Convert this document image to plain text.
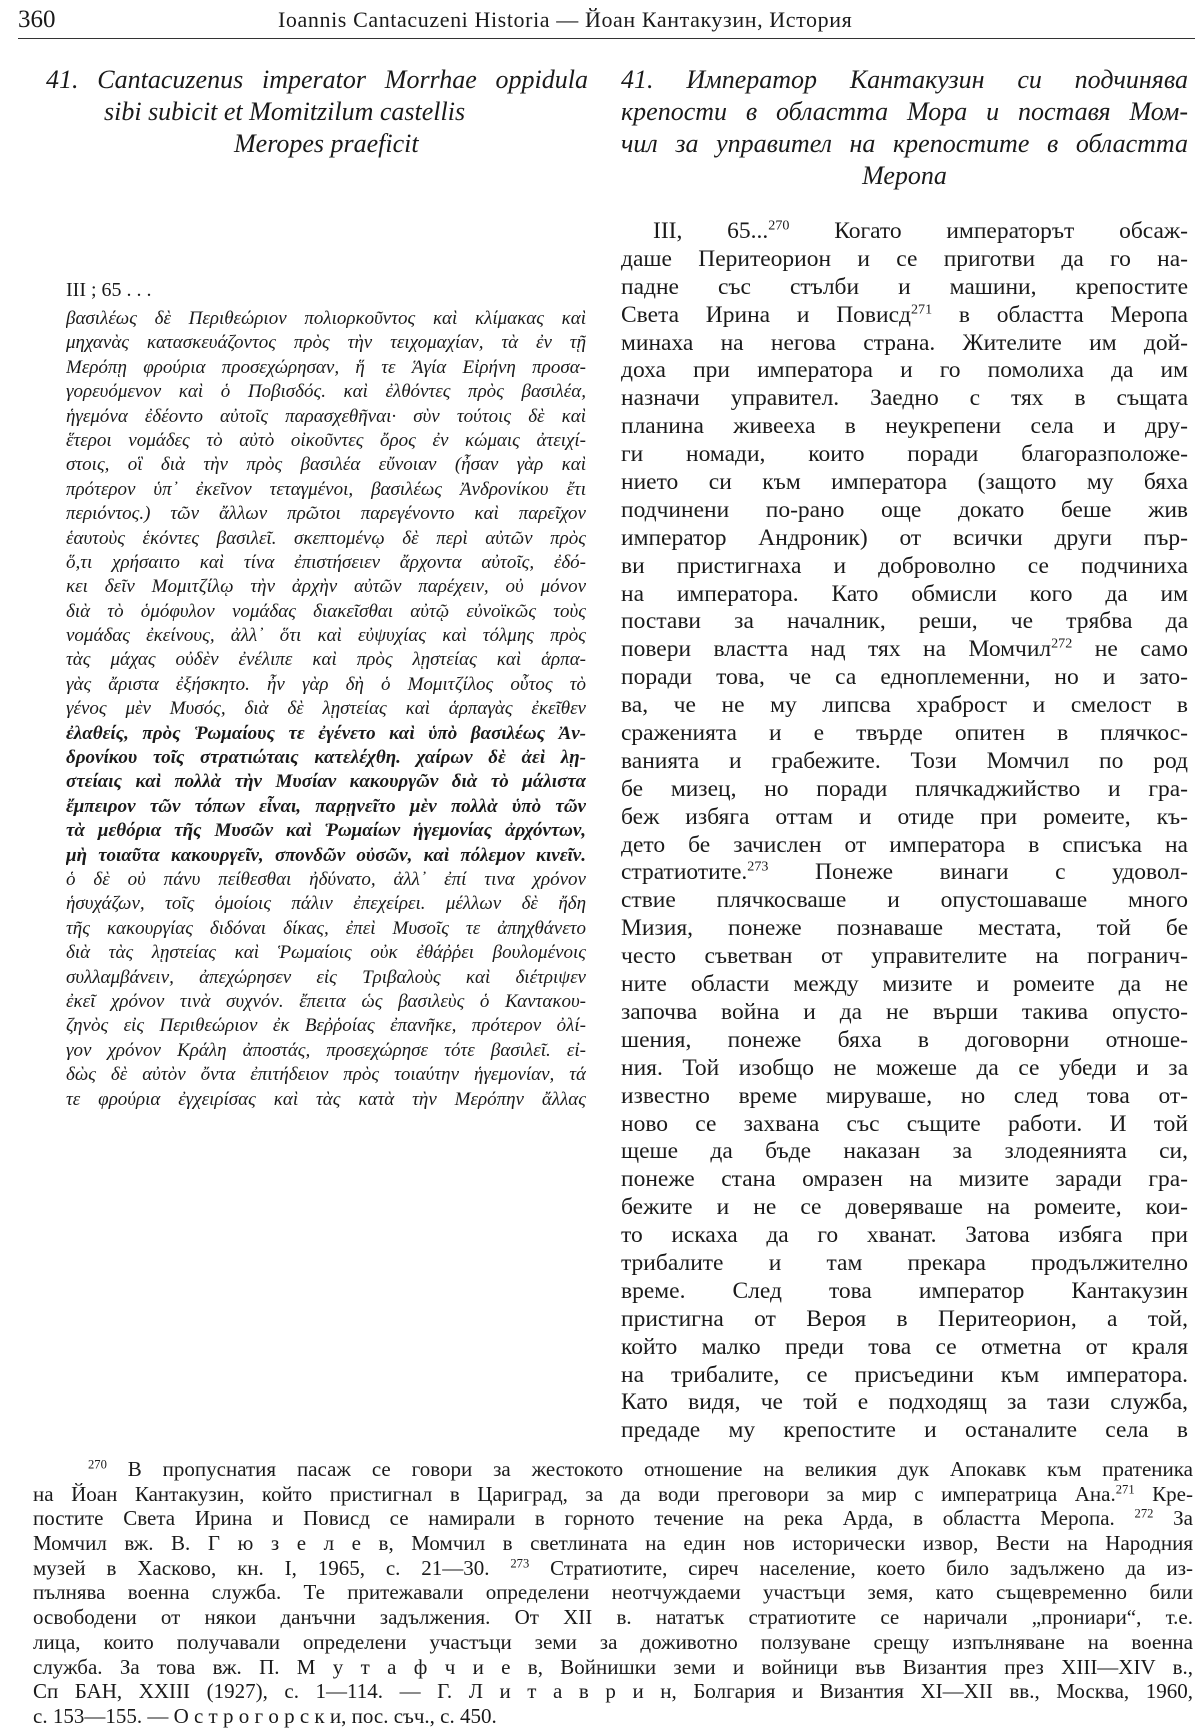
360	Ioannis Cantacuzeni Historia — Йоан Кантакузин, История
41. Cantacuzenus imperator Morrhae oppidula
sibi subicit et Momitzilum castellis
Meropes praeficit
41. Император Кантакузин си подчинява
крепости в областта Мора и поставя Мом-
чил за управител на крепостите в областта
Меропа
III ; 65 . . .
βασιλέως δὲ Περιθεώριον πολιορκοῦντος καὶ κλίμακας καὶ
μηχανὰς κατασκευάζοντος πρὸς τὴν τειχομαχίαν, τὰ ἐν τῇ
Μερόπῃ φρούρια προσεχώρησαν, ἥ τε Ἁγία Εἰρήνη προσα-
γορευόμενον καὶ ὁ Ποβισδός. καὶ ἐλθόντες πρὸς βασιλέα,
ἡγεμόνα ἐδέοντο αὐτοῖς παρασχεθῆναι· σὺν τούτοις δὲ καὶ
ἕτεροι νομάδες τὸ αὐτὸ οἰκοῦντες ὄρος ἐν κώμαις ἀτειχί-
στοις, οἳ διὰ τὴν πρὸς βασιλέα εὔνοιαν (ἦσαν γὰρ καὶ
πρότερον ὑπ᾽ ἐκεῖνον τεταγμένοι, βασιλέως Ἀνδρονίκου ἔτι
περιόντος.) τῶν ἄλλων πρῶτοι παρεγένοντο καὶ παρεῖχον
ἑαυτοὺς ἑκόντες βασιλεῖ. σκεπτομένῳ δὲ περὶ αὐτῶν πρὸς
ὅ,τι χρήσαιτο καὶ τίνα ἐπιστήσειεν ἄρχοντα αὐτοῖς, ἐδό-
κει δεῖν Μομιτζίλῳ τὴν ἀρχὴν αὐτῶν παρέχειν, οὐ μόνον
διὰ τὸ ὁμόφυλον νομάδας διακεῖσθαι αὐτῷ εὐνοϊκῶς τοὺς
νομάδας ἐκείνους, ἀλλ᾽ ὅτι καὶ εὐψυχίας καὶ τόλμης πρὸς
τὰς μάχας οὐδὲν ἐνέλιπε καὶ πρὸς λῃστείας καὶ ἁρπα-
γὰς ἄριστα ἐξήσκητο. ἦν γὰρ δὴ ὁ Μομιτζίλος οὗτος τὸ
γένος μὲν Μυσός, διὰ δὲ λῃστείας καὶ ἁρπαγὰς ἐκεῖθεν
ἐλαθείς, πρὸς Ῥωμαίους τε ἐγένετο καὶ ὑπὸ βασιλέως Ἀν-
δρονίκου τοῖς στρατιώταις κατελέχθη. χαίρων δὲ ἀεὶ λῃ-
στείαις καὶ πολλὰ τὴν Μυσίαν κακουργῶν διὰ τὸ μάλιστα
ἔμπειρον τῶν τόπων εἶναι, παρῃνεῖτο μὲν πολλὰ ὑπὸ τῶν
τὰ μεθόρια τῆς Μυσῶν καὶ Ῥωμαίων ἡγεμονίας ἀρχόντων,
μὴ τοιαῦτα κακουργεῖν, σπονδῶν οὐσῶν, καὶ πόλεμον κινεῖν.
ὁ δὲ οὐ πάνυ πείθεσθαι ἠδύνατο, ἀλλ᾽ ἐπί τινα χρόνον
ἡσυχάζων, τοῖς ὁμοίοις πάλιν ἐπεχείρει. μέλλων δὲ ἤδη
τῆς κακουργίας διδόναι δίκας, ἐπεὶ Μυσοῖς τε ἀπηχθάνετο
διὰ τὰς λῃστείας καὶ Ῥωμαίοις οὐκ ἐθάῤῥει βουλομένοις
συλλαμβάνειν, ἀπεχώρησεν εἰς Τριβαλοὺς καὶ διέτριψεν
ἐκεῖ χρόνον τινὰ συχνόν. ἔπειτα ὡς βασιλεὺς ὁ Καντακου-
ζηνὸς εἰς Περιθεώριον ἐκ Βεῤῥοίας ἐπανῆκε, πρότερον ὀλί-
γον χρόνον Κράλη ἀποστάς, προσεχώρησε τότε βασιλεῖ. εἰ-
δὼς δὲ αὐτὸν ὄντα ἐπιτήδειον πρὸς τοιαύτην ἡγεμονίαν, τά
τε φρούρια ἐγχειρίσας καὶ τὰς κατὰ τὴν Μερόπην ἄλλας
III, 65...$^{270}$ Когато императорът обсаж-
даше Перитеорион и се приготви да го на-
падне със стълби и машини, крепостите
Света Ирина и Повисд$^{271}$ в областта Меропа
минаха на негова страна. Жителите им дой-
доха при императора и го помолиха да им
назначи управител. Заедно с тях в същата
планина живееха в неукрепени села и дру-
ги номади, които поради благоразположе-
нието си към императора (защото му бяха
подчинени по-рано още докато беше жив
император Андроник) от всички други пър-
ви пристигнаха и доброволно се подчиниха
на императора. Като обмисли кого да им
постави за началник, реши, че трябва да
повери властта над тях на Момчил$^{272}$ не само
поради това, че са еднoплеменни, но и зато-
ва, че не му липсва храброст и смелост в
сраженията и е твърде опитен в плячкос-
ванията и грабежите. Този Момчил по род
бе мизец, но поради плячкаджийство и гра-
беж избяга оттам и отиде при ромеите, къ-
дето бе зачислен от императора в списъка на
стратиотите.$^{273}$ Понеже винаги с удовол-
ствие плячкосваше и опустошаваше много
Мизия, понеже познаваше местата, той бе
често съветван от управителите на погранич-
ните области между мизите и ромеите да не
започва война и да не върши такива опусто-
шения, понеже бяха в договорни отноше-
ния. Той изобщо не можеше да се убеди и за
известно време мируваше, но след това от-
ново се захвана със същите работи. И той
щеше да бъде наказан за злодеянията си,
понеже стана омразен на мизите заради гра-
бежите и не се доверяваше на ромеите, кои-
то искаха да го хванат. Затова избяга при
трибалите и там прекара продължително
време. След това император Кантакузин
пристигна от Вероя в Перитеорион, а той,
който малко преди това се отметна от краля
на трибалите, се присъедини към императора.
Като видя, че той е подходящ за тази служба,
предаде му крепостите и останалите села в
$^{270}$ В пропуснатия пасаж се говори за жестокото отношение на великия дук Апокавк към пратеника
на Йоан Кантакузин, който пристигнал в Цариград, за да води преговори за мир с императрица Ана.$^{271}$ Кре-
постите Света Ирина и Повисд се намирали в горното течение на река Арда, в областта Меропа. $^{272}$ За
Момчил вж. В. Г ю з е л е в, Момчил в светлината на един нов исторически извор, Вести на Народния
музей в Хасково, кн. I, 1965, с. 21—30. $^{273}$ Стратиотите, сиреч население, което било задължено да из-
пълнява военна служба. Те притежавали определени неотчуждаеми участъци земя, като същевременно били
освободени от някои данъчни задължения. От XII в. нататък стратиотите се наричали „прониари“, т.е.
лица, които получавали определени участъци земи за доживотно ползуване срещу изпълняване на военна
служба. За това вж. П. М у т а ф ч и е в, Войнишки земи и войници във Византия през XIII—XIV в.,
Сп БАН, XXIII (1927), с. 1—114. — Г. Л и т а в р и н, Болгария и Византия XI—XII вв., Москва, 1960,
с. 153—155. — О с т р о г о р с к и, пос. съч., с. 450.
